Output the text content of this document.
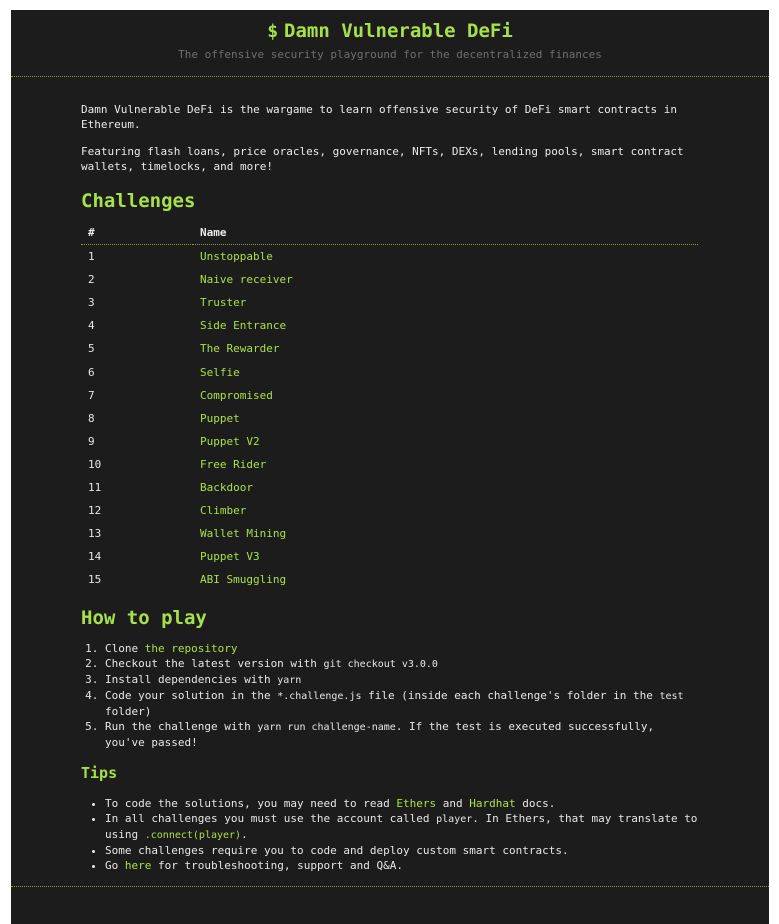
$ Damn Vulnerable DeFi
The offensive security playground for the decentralized finances

Damn Vulnerable DeFi is the wargame to learn offensive security of DeFi smart contracts in Ethereum.

Featuring flash loans, price oracles, governance, NFTs, DEXs, lending pools, smart contract wallets, timelocks, and more!

Challenges
#	Name
1	Unstoppable
2	Naive receiver
3	Truster
4	Side Entrance
5	The Rewarder
6	Selfie
7	Compromised
8	Puppet
9	Puppet V2
10	Free Rider
11	Backdoor
12	Climber
13	Wallet Mining
14	Puppet V3
15	ABI Smuggling
How to play
1. Clone the repository
2. Checkout the latest version with git checkout v3.0.0
3. Install dependencies with yarn
4. Code your solution in the *.challenge.js file (inside each challenge's folder in the test folder)
5. Run the challenge with yarn run challenge-name. If the test is executed successfully, you've passed!
Tips
• To code the solutions, you may need to read Ethers and Hardhat docs.
• In all challenges you must use the account called player. In Ethers, that may translate to using .connect(player).
• Some challenges require you to code and deploy custom smart contracts.
• Go here for troubleshooting, support and Q&A.
